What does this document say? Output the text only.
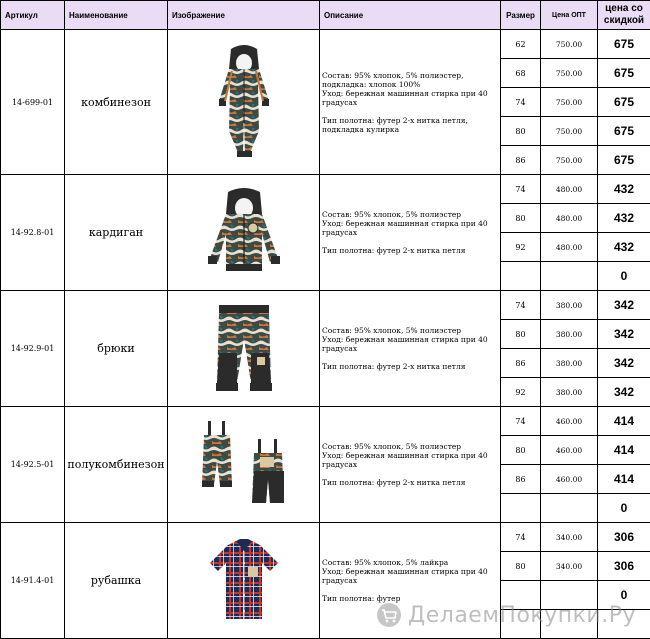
Артикул	Наименование	Изображение	Описание	Размер	Цена ОПТ	цена со скидкой
14-699-01	комбинезон		Состав: 95% хлопок, 5% полиэстер, подкладка: хлопок 100%

Уход: бережная машинная стирка при 40 градусах

Тип полотна: футер 2-х нитка петля, подкладка кулирка	62	750.00	675
				68	750.00	675
				74	750.00	675
				80	750.00	675
				86	750.00	675
14-92.8-01	кардиган		Состав: 95% хлопок, 5% полиэстер

Уход: бережная машинная стирка при 40 градусах

Тип полотна: футер 2-х нитка петля	74	480.00	432
				80	480.00	432
				92	480.00	432
						0
14-92.9-01	брюки		Состав: 95% хлопок, 5% полиэстер

Уход: бережная машинная стирка при 40 градусах

Тип полотна: футер 2-х нитка петля	74	380.00	342
				80	380.00	342
				86	380.00	342
				92	380.00	342
14-92.5-01	полукомбинезон		Состав: 95% хлопок, 5% полиэстер

Уход: бережная машинная стирка при 40 градусах

Тип полотна: футер 2-х нитка петля	74	460.00	414
				80	460.00	414
				86	460.00	414
						0
14-91.4-01	рубашка		Состав: 95% хлопок, 5% лайкра

Уход: бережная машинная стирка при 40 градусах

Тип полотна: футер	74	340.00	306
				80	340.00	306
						0

ДелаемПокупки.Ру
